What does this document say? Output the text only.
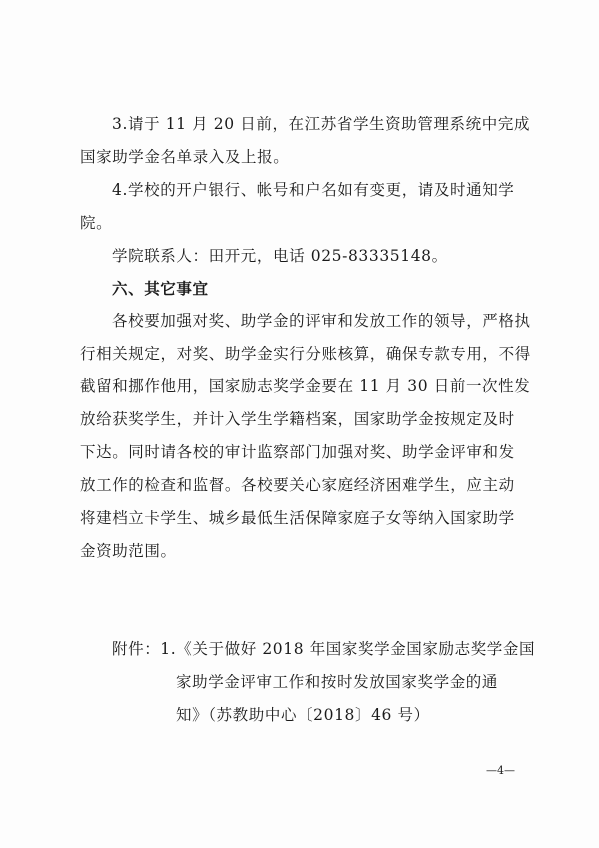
3.请于 11 月 20 日前，在江苏省学生资助管理系统中完成
国家助学金名单录入及上报。
4.学校的开户银行、帐号和户名如有变更，请及时通知学
院。
学院联系人：田开元，电话 025-83335148。
六、其它事宜
各校要加强对奖、助学金的评审和发放工作的领导，严格执
行相关规定，对奖、助学金实行分账核算，确保专款专用，不得
截留和挪作他用，国家励志奖学金要在 11 月 30 日前一次性发
放给获奖学生，并计入学生学籍档案，国家助学金按规定及时
下达。同时请各校的审计监察部门加强对奖、助学金评审和发
放工作的检查和监督。各校要关心家庭经济困难学生，应主动
将建档立卡学生、城乡最低生活保障家庭子女等纳入国家助学
金资助范围。
附件：1.《关于做好 2018 年国家奖学金国家励志奖学金国
家助学金评审工作和按时发放国家奖学金的通
知》（苏教助中心〔2018〕46 号）
—4—
